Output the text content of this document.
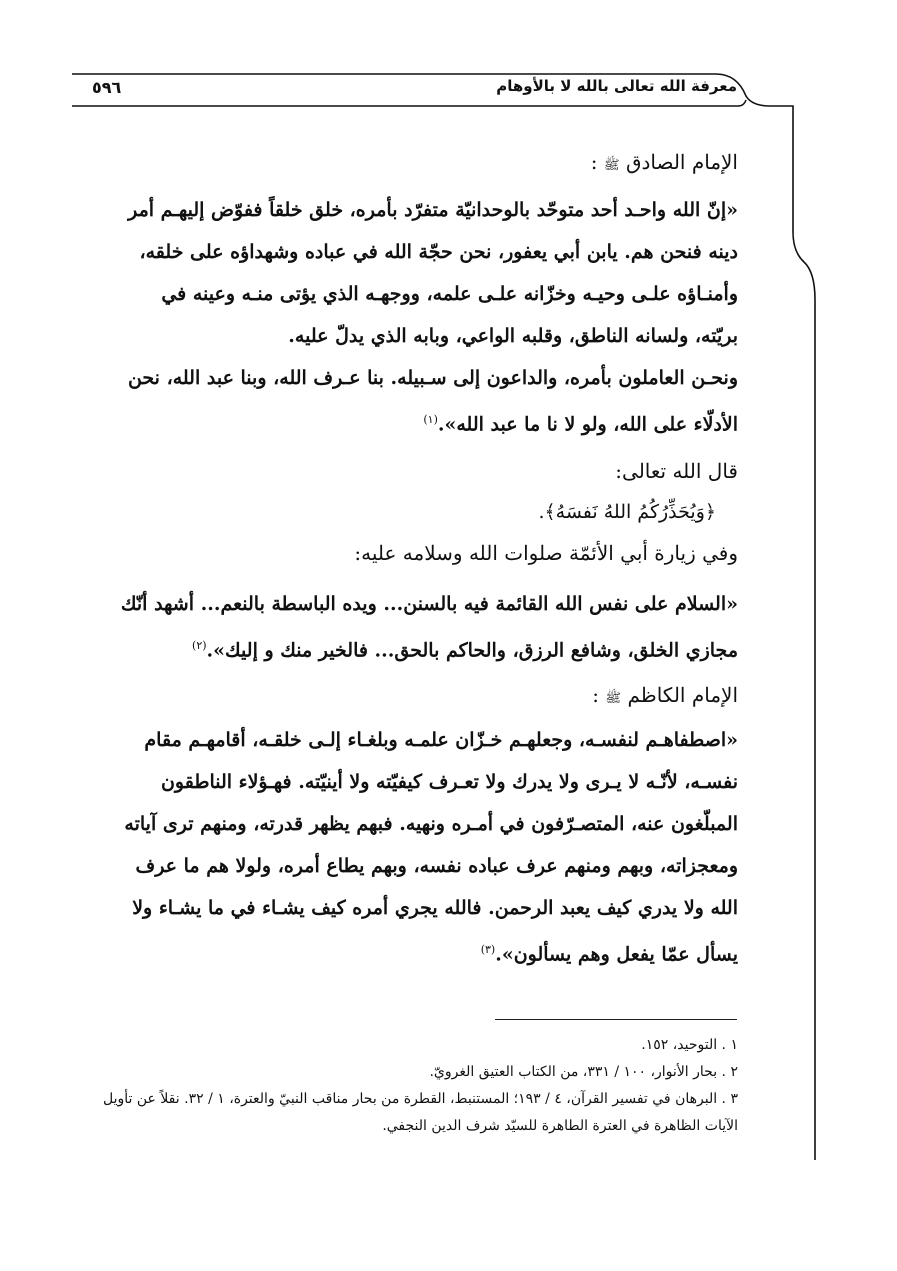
معرفة الله تعالى بالله لا بالأوهام
٥٩٦

الإمام الصادق ﷺ :

«إنّ الله واحـد أحد متوحّد بالوحدانيّة متفرّد بأمره، خلق خلقاً ففوّض إليهـم أمر

دينه فنحن هم. يابن أبي يعفور، نحن حجّة الله في عباده وشهداؤه على خلقه،

وأمنـاؤه علـى وحيـه وخزّانه علـى علمه، ووجهـه الذي يؤتى منـه وعينه في

بريّته، ولسانه الناطق، وقلبه الواعي، وبابه الذي يدلّ عليه.

ونحـن العاملون بأمره، والداعون إلى سـبيله. بنا عـرف الله، وبنا عبد الله، نحن

الأدلّاء على الله، ولو لا نا ما عبد الله».$^{(١)}$

قال الله تعالى:

﴿وَيُحَذِّرُكُمُ اللهُ نَفسَهُ﴾.

وفي زيارة أبي الأئمّة صلوات الله وسلامه عليه:

«السلام على نفس الله القائمة فيه بالسنن... ويده الباسطة بالنعم... أشهد أنّك

مجازي الخلق، وشافع الرزق، والحاكم بالحق... فالخير منك و إليك».$^{(٢)}$

الإمام الكاظم ﷺ :

«اصطفاهـم لنفسـه، وجعلهـم خـزّان علمـه وبلغـاء إلـى خلقـه، أقامهـم مقام

نفسـه، لأنّـه لا يـرى ولا يدرك ولا تعـرف كيفيّته ولا أينيّته. فهـؤلاء الناطقون

المبلّغون عنه، المتصـرّفون في أمـره ونهيه. فبهم يظهر قدرته، ومنهم ترى آياته

ومعجزاته، وبهم ومنهم عرف عباده نفسه، وبهم يطاع أمره، ولولا هم ما عرف

الله ولا يدري كيف يعبد الرحمن. فالله يجري أمره كيف يشـاء في ما يشـاء ولا

يسأل عمّا يفعل وهم يسألون».$^{(٣)}$

١ . التوحيد، ١٥٢.

٢ . بحار الأنوار، ١٠٠ / ٣٣١، من الكتاب العتيق الغرويّ.

٣ . البرهان في تفسير القرآن، ٤ / ١٩٣؛ المستنبط، القطرة من بحار مناقب النبيّ والعترة، ١ / ٣٢. نقلاً عن تأويل

الآيات الظاهرة في العترة الطاهرة للسيّد شرف الدين النجفي.
